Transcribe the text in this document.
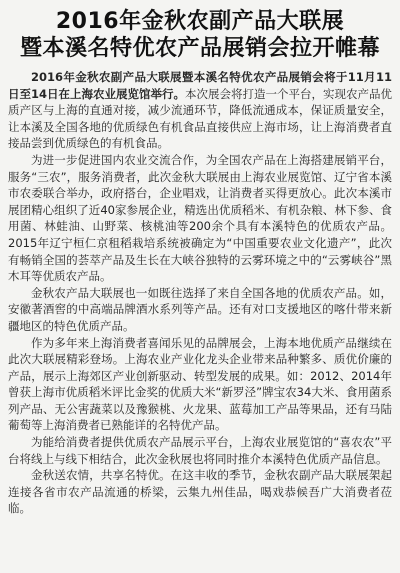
2016年金秋农副产品大联展
暨本溪名特优农产品展销会拉开帷幕

2016年金秋农副产品大联展暨本溪名特优农产品展销会将于11月11日至14日在上海农业展览馆举行。本次展会将打造一个平台，实现农产品优质产区与上海的直通对接，减少流通环节，降低流通成本，保证质量安全，让本溪及全国各地的优质绿色有机食品直接供应上海市场，让上海消费者直接品尝到优质绿色的有机食品。

为进一步促进国内农业交流合作，为全国农产品在上海搭建展销平台，服务“三农”，服务消费者，此次金秋大联展由上海农业展览馆、辽宁省本溪市农委联合举办，政府搭台，企业唱戏，让消费者买得更放心。此次本溪市展团精心组织了近40家参展企业，精选出优质稻米、有机杂粮、林下参、食用菌、林蛙油、山野菜、核桃油等200余个具有本溪特色的优质农产品。2015年辽宁桓仁京租稻栽培系统被确定为“中国重要农业文化遗产”，此次有畅销全国的荟萃产品及生长在大峡谷独特的云雾环境之中的“云雾峡谷”黑木耳等优质农产品。

金秋农产品大联展也一如既往选择了来自全国各地的优质农产品。如，安徽著酒窖的中高端品牌酒水系列等产品。还有对口支援地区的喀什带来新疆地区的特色优质产品。

作为多年来上海消费者喜闻乐见的品牌展会，上海本地优质产品继续在此次大联展精彩登场。上海农业产业化龙头企业带来品种繁多、质优价廉的产品，展示上海郊区产业创新驱动、转型发展的成果。如：2012、2014年曾获上海市优质稻米评比金奖的优质大米“新罗泾”牌宝农34大米、食用菌系列产品、无公害蔬菜以及豫猴桃、火龙果、蓝莓加工产品等果品，还有马陆葡萄等上海消费者已熟能详的名特优产品。

为能给消费者提供优质农产品展示平台，上海农业展览馆的“喜农农”平台将线上与线下相结合，此次金秋展也将同时推介本溪特色优质产品信息。

金秋送农情，共享名特优。在这丰收的季节，金秋农副产品大联展架起连接各省市农产品流通的桥梁，云集九州佳品，喝戏恭候吾广大消费者莅临。
